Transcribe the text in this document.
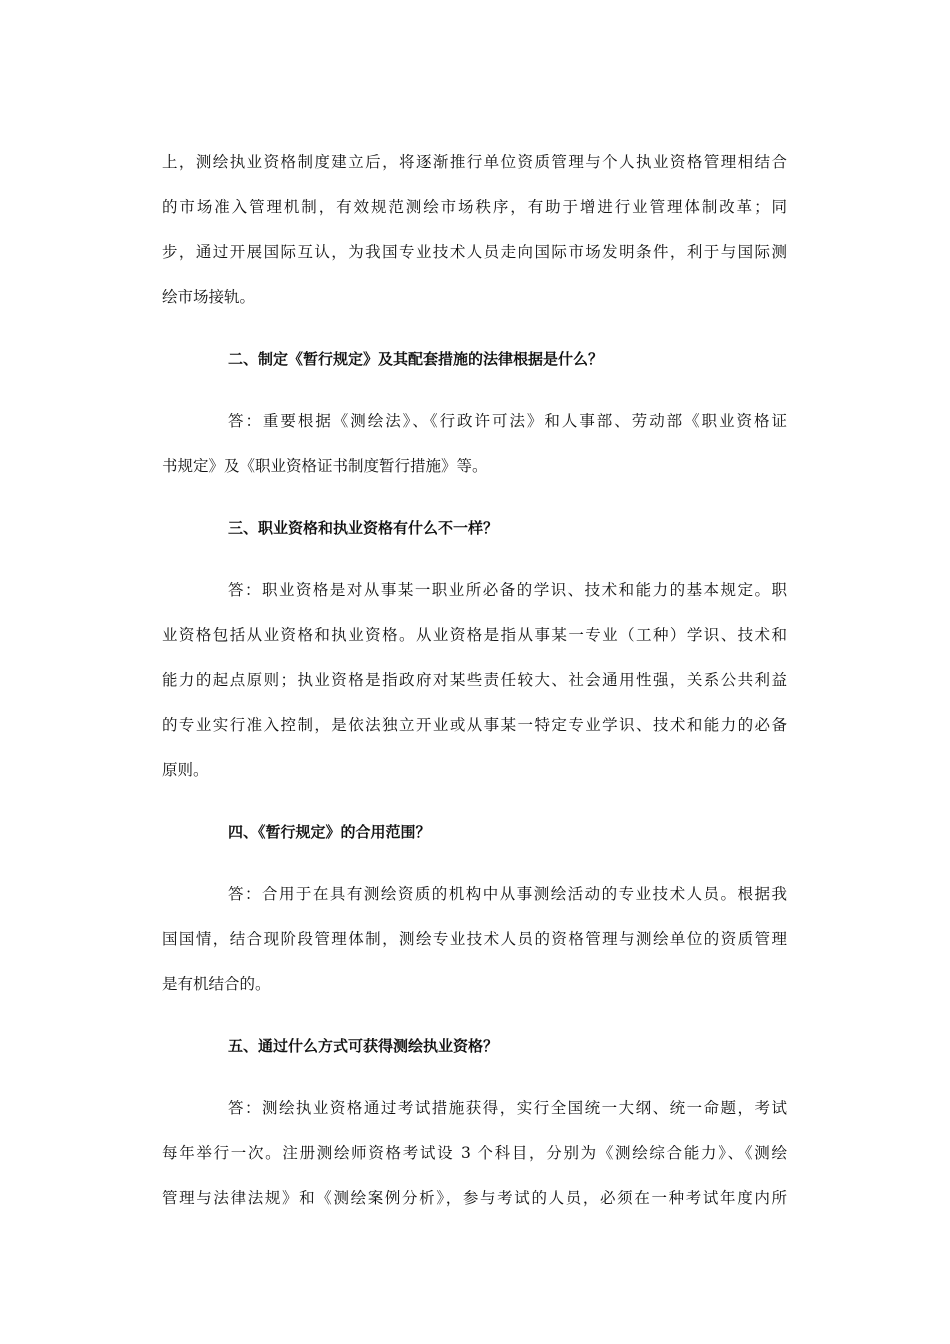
上，测绘执业资格制度建立后，将逐渐推行单位资质管理与个人执业资格管理相结合
的市场准入管理机制，有效规范测绘市场秩序，有助于增进行业管理体制改革；同
步，通过开展国际互认，为我国专业技术人员走向国际市场发明条件，利于与国际测
绘市场接轨。
二、制定《暂行规定》及其配套措施的法律根据是什么？
答：重要根据《测绘法》、《行政许可法》和人事部、劳动部《职业资格证
书规定》及《职业资格证书制度暂行措施》等。
三、职业资格和执业资格有什么不一样？
答：职业资格是对从事某一职业所必备的学识、技术和能力的基本规定。职
业资格包括从业资格和执业资格。从业资格是指从事某一专业（工种）学识、技术和
能力的起点原则；执业资格是指政府对某些责任较大、社会通用性强，关系公共利益
的专业实行准入控制，是依法独立开业或从事某一特定专业学识、技术和能力的必备
原则。
四、《暂行规定》的合用范围？
答：合用于在具有测绘资质的机构中从事测绘活动的专业技术人员。根据我
国国情，结合现阶段管理体制，测绘专业技术人员的资格管理与测绘单位的资质管理
是有机结合的。
五、通过什么方式可获得测绘执业资格？
答：测绘执业资格通过考试措施获得，实行全国统一大纲、统一命题，考试
每年举行一次。注册测绘师资格考试设 3 个科目，分别为《测绘综合能力》、《测绘
管理与法律法规》和《测绘案例分析》，参与考试的人员，必须在一种考试年度内所
